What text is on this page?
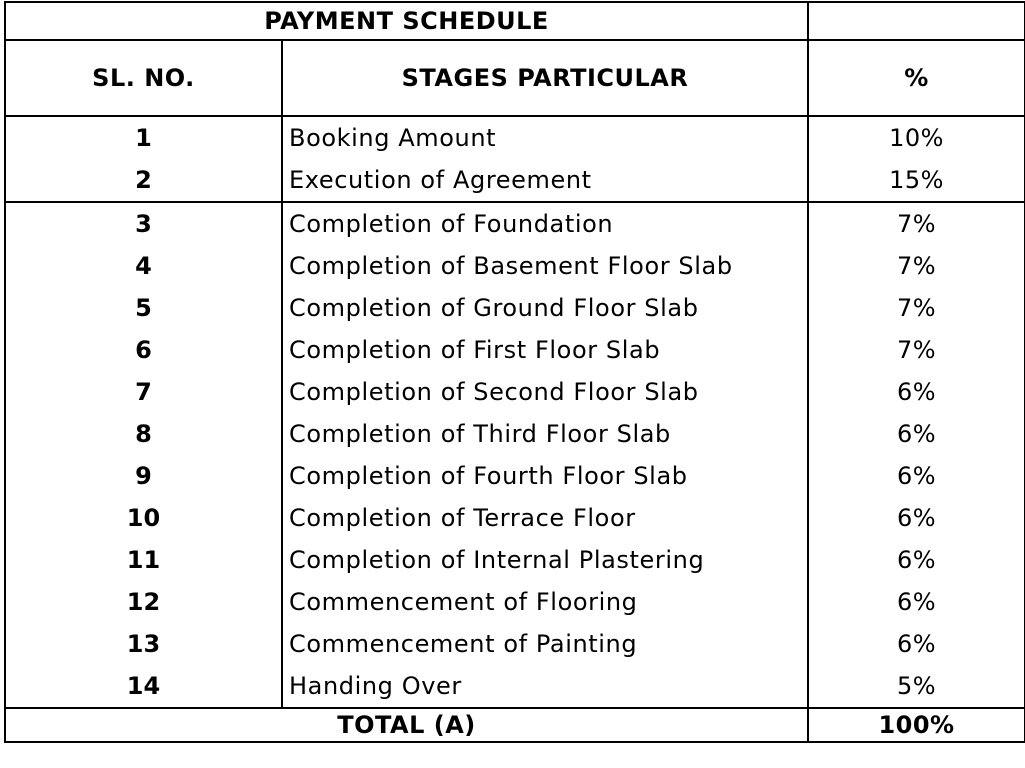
PAYMENT SCHEDULE		
SL. NO.	STAGES PARTICULAR	%
1	Booking Amount	10%
2	Execution of Agreement	15%
3	Completion of Foundation	7%
4	Completion of Basement Floor Slab	7%
5	Completion of Ground Floor Slab	7%
6	Completion of First Floor Slab	7%
7	Completion of Second Floor Slab	6%
8	Completion of Third Floor Slab	6%
9	Completion of Fourth Floor Slab	6%
10	Completion of Terrace Floor	6%
11	Completion of Internal Plastering	6%
12	Commencement of Flooring	6%
13	Commencement of Painting	6%
14	Handing Over	5%
TOTAL (A)		100%
